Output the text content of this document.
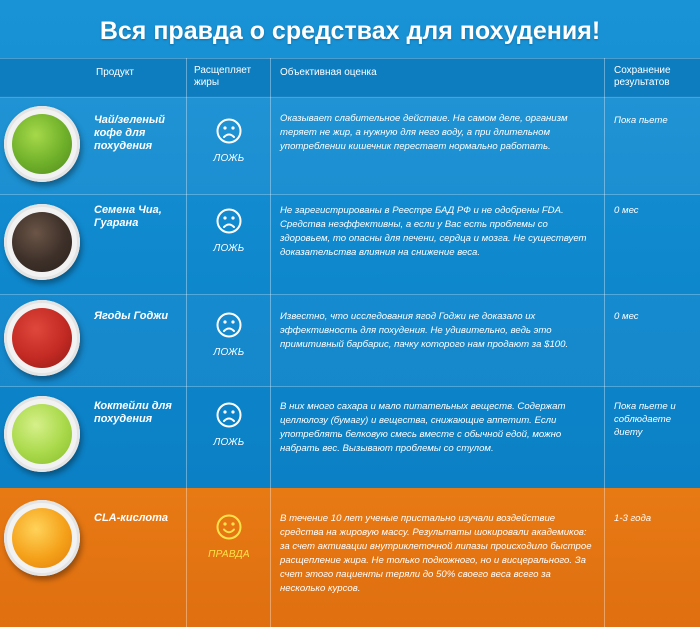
Вся правда о средствах для похудения!
Продукт	Расщепляет жиры
Объективная оценка	Сохранение результатов
Чай/зеленый кофе для похудения
ЛОЖЬ
Оказывает слабительное действие. На самом деле, организм теряет не жир, а нужную для него воду, а при длительном употреблении кишечник перестает нормально работать.
Пока пьете
Семена Чиа, Гуарана
ЛОЖЬ
Не зарегистрированы в Реестре БАД РФ и не одобрены FDA. Средства неэффективны, а если у Вас есть проблемы со здоровьем, то опасны для печени, сердца и мозга. Не существует доказательства влияния на снижение веса.
0 мес
Ягоды Годжи
ЛОЖЬ
Известно, что исследования ягод Годжи не доказало их эффективность для похудения. Не удивительно, ведь это примитивный барбарис, пачку которого нам продают за $100.
0 мес
Коктейли для похудения
ЛОЖЬ
В них много сахара и мало питательных веществ. Содержат целлюлозу (бумагу) и вещества, снижающие аппетит. Если употреблять белковую смесь вместе с обычной едой, можно набрать вес. Вызывают проблемы со стулом.
Пока пьете и соблюдаете диету
CLA-кислота
ПРАВДА
В течение 10 лет ученые пристально изучали воздействие средства на жировую массу. Результаты шокировали академиков: за счет активации внутриклеточной липазы происходило быстрое расщепление жира. Не только подкожного, но и висцерального. За счет этого пациенты теряли до 50% своего веса всего за несколько курсов.
1-3 года
